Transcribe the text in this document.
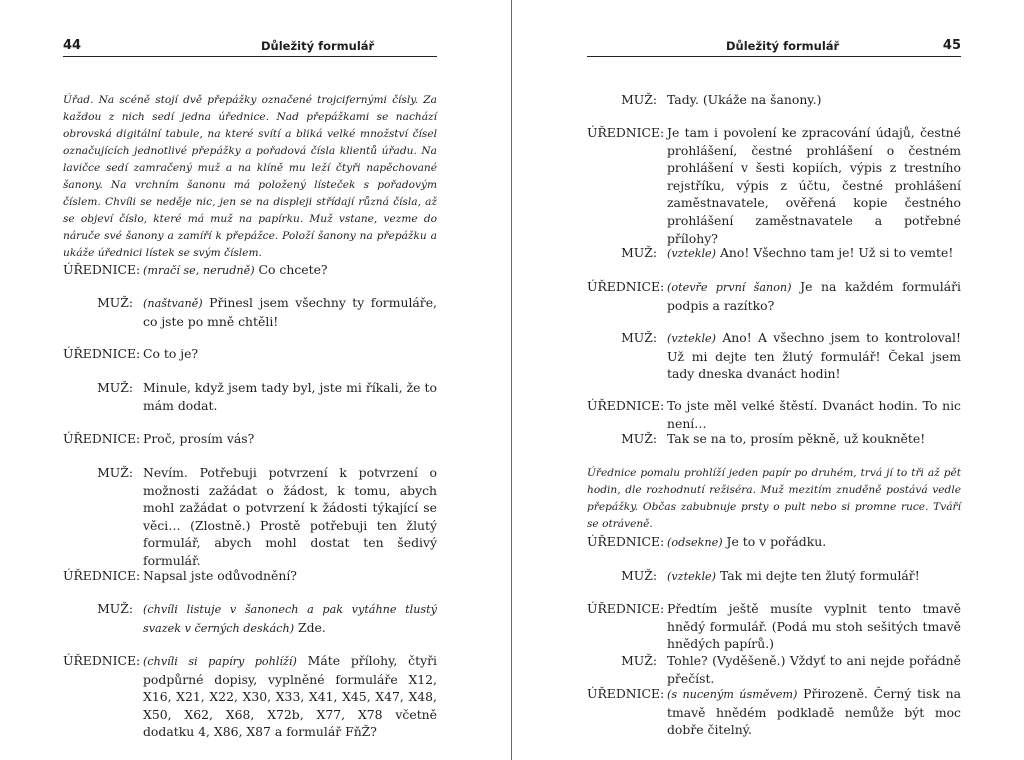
44	Důležitý formulář

Úřad. Na scéně stojí dvě přepážky označené trojcifernými čísly. Za každou z nich sedí jedna úřednice. Nad přepážkami se nachází obrovská digitální tabule, na které svítí a bliká velké množství čísel označujících jednotlivé přepážky a pořadová čísla klientů úřadu. Na lavičce sedí zamračený muž a na klíně mu leží čtyři napěchované šanony. Na vrchním šanonu má položený lísteček s pořadovým číslem. Chvíli se neděje nic, jen se na displeji střídají různá čísla, až se objeví číslo, které má muž na papírku. Muž vstane, vezme do náruče své šanony a zamíří k přepážce. Položí šanony na přepážku a ukáže úřednici lístek se svým číslem.

ÚŘEDNICE: (mračí se, nerudně) Co chcete?

MUŽ: (naštvaně) Přinesl jsem všechny ty formuláře, co jste po mně chtěli!

ÚŘEDNICE: Co to je?

MUŽ: Minule, když jsem tady byl, jste mi říkali, že to mám dodat.

ÚŘEDNICE: Proč, prosím vás?

MUŽ: Nevím. Potřebuji potvrzení k potvrzení o možnosti zažádat o žádost, k tomu, abych mohl zažádat o potvrzení k žádosti týkající se věci… (Zlostně.) Prostě potřebuji ten žlutý formulář, abych mohl dostat ten šedivý formulář.

ÚŘEDNICE: Napsal jste odůvodnění?

MUŽ: (chvíli listuje v šanonech a pak vytáhne tlustý svazek v černých deskách) Zde.

ÚŘEDNICE: (chvíli si papíry pohlíží) Máte přílohy, čtyři podpůrné dopisy, vyplněné formuláře X12, X16, X21, X22, X30, X33, X41, X45, X47, X48, X50, X62, X68, X72b, X77, X78 včetně dodatku 4, X86, X87 a formulář FňŽ?

Důležitý formulář	45
MUŽ: Tady. (Ukáže na šanony.)

ÚŘEDNICE: Je tam i povolení ke zpracování údajů, čestné prohlášení, čestné prohlášení o čestném prohlášení v šesti kopiích, výpis z trestního rejstříku, výpis z účtu, čestné prohlášení zaměstnavatele, ověřená kopie čestného prohlášení zaměstnavatele a potřebné přílohy?

MUŽ: (vztekle) Ano! Všechno tam je! Už si to vemte!

ÚŘEDNICE: (otevře první šanon) Je na každém formuláři podpis a razítko?

MUŽ: (vztekle) Ano! A všechno jsem to kontroloval! Už mi dejte ten žlutý formulář! Čekal jsem tady dneska dvanáct hodin!

ÚŘEDNICE: To jste měl velké štěstí. Dvanáct hodin. To nic není…

MUŽ: Tak se na to, prosím pěkně, už koukněte!

Úřednice pomalu prohlíží jeden papír po druhém, trvá jí to tři až pět hodin, dle rozhodnutí režiséra. Muž mezitím znuděně postává vedle přepážky. Občas zabubnuje prsty o pult nebo si promne ruce. Tváří se otráveně.

ÚŘEDNICE: (odsekne) Je to v pořádku.

MUŽ: (vztekle) Tak mi dejte ten žlutý formulář!

ÚŘEDNICE: Předtím ještě musíte vyplnit tento tmavě hnědý formulář. (Podá mu stoh sešitých tmavě hnědých papírů.)

MUŽ: Tohle? (Vyděšeně.) Vždyť to ani nejde pořádně přečíst.

ÚŘEDNICE: (s nuceným úsměvem) Přirozeně. Černý tisk na tmavě hnědém podkladě nemůže být moc dobře čitelný.
